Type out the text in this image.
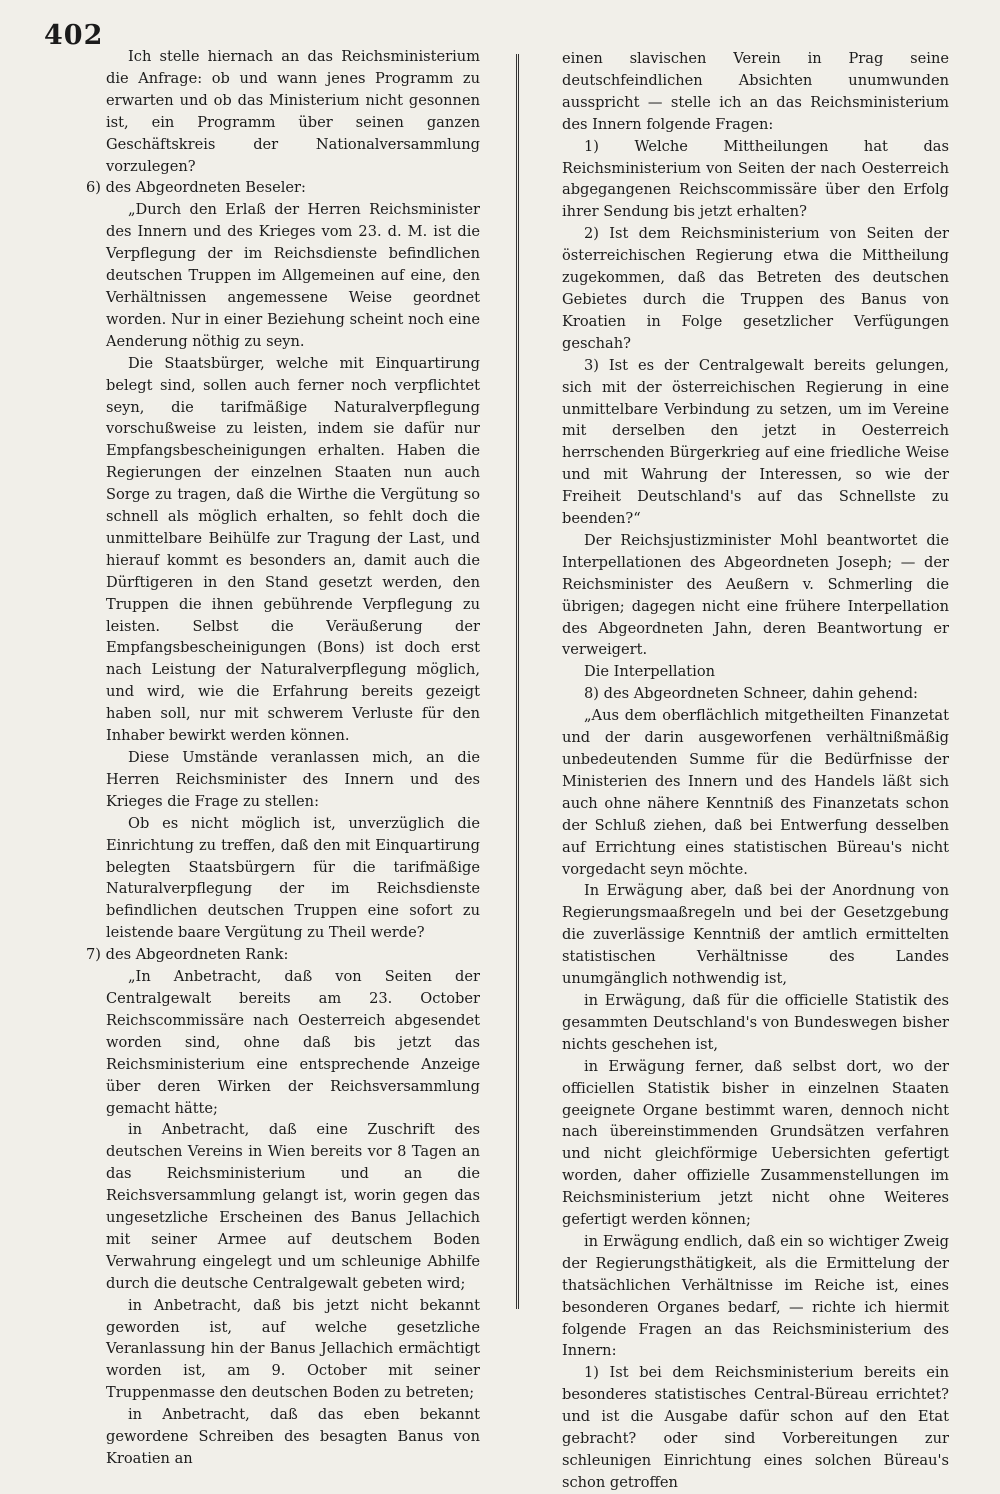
402

Ich stelle hiernach an das Reichsministerium die Anfrage: ob und wann jenes Programm zu erwarten und ob das Ministerium nicht gesonnen ist, ein Programm über seinen ganzen Geschäftskreis der Nationalversammlung vorzulegen?

6) des Abgeordneten Beseler:

„Durch den Erlaß der Herren Reichsminister des Innern und des Krieges vom 23. d. M. ist die Verpflegung der im Reichsdienste befindlichen deutschen Truppen im Allgemeinen auf eine, den Verhältnissen angemessene Weise geordnet worden. Nur in einer Beziehung scheint noch eine Aenderung nöthig zu seyn.

Die Staatsbürger, welche mit Einquartirung belegt sind, sollen auch ferner noch verpflichtet seyn, die tarifmäßige Naturalverpflegung vorschußweise zu leisten, indem sie dafür nur Empfangsbescheinigungen erhalten. Haben die Regierungen der einzelnen Staaten nun auch Sorge zu tragen, daß die Wirthe die Vergütung so schnell als möglich erhalten, so fehlt doch die unmittelbare Beihülfe zur Tragung der Last, und hierauf kommt es besonders an, damit auch die Dürftigeren in den Stand gesetzt werden, den Truppen die ihnen gebührende Verpflegung zu leisten. Selbst die Veräußerung der Empfangsbescheinigungen (Bons) ist doch erst nach Leistung der Naturalverpflegung möglich, und wird, wie die Erfahrung bereits gezeigt haben soll, nur mit schwerem Verluste für den Inhaber bewirkt werden können.

Diese Umstände veranlassen mich, an die Herren Reichsminister des Innern und des Krieges die Frage zu stellen:

Ob es nicht möglich ist, unverzüglich die Einrichtung zu treffen, daß den mit Einquartirung belegten Staatsbürgern für die tarifmäßige Naturalverpflegung der im Reichsdienste befindlichen deutschen Truppen eine sofort zu leistende baare Vergütung zu Theil werde?

7) des Abgeordneten Rank:

„In Anbetracht, daß von Seiten der Centralgewalt bereits am 23. October Reichscommissäre nach Oesterreich abgesendet worden sind, ohne daß bis jetzt das Reichsministerium eine entsprechende Anzeige über deren Wirken der Reichsversammlung gemacht hätte;

in Anbetracht, daß eine Zuschrift des deutschen Vereins in Wien bereits vor 8 Tagen an das Reichsministerium und an die Reichsversammlung gelangt ist, worin gegen das ungesetzliche Erscheinen des Banus Jellachich mit seiner Armee auf deutschem Boden Verwahrung eingelegt und um schleunige Abhilfe durch die deutsche Centralgewalt gebeten wird;

in Anbetracht, daß bis jetzt nicht bekannt geworden ist, auf welche gesetzliche Veranlassung hin der Banus Jellachich ermächtigt worden ist, am 9. October mit seiner Truppenmasse den deutschen Boden zu betreten;

in Anbetracht, daß das eben bekannt gewordene Schreiben des besagten Banus von Kroatien an

einen slavischen Verein in Prag seine deutschfeindlichen Absichten unumwunden ausspricht — stelle ich an das Reichsministerium des Innern folgende Fragen:

1) Welche Mittheilungen hat das Reichsministerium von Seiten der nach Oesterreich abgegangenen Reichscommissäre über den Erfolg ihrer Sendung bis jetzt erhalten?

2) Ist dem Reichsministerium von Seiten der österreichischen Regierung etwa die Mittheilung zugekommen, daß das Betreten des deutschen Gebietes durch die Truppen des Banus von Kroatien in Folge gesetzlicher Verfügungen geschah?

3) Ist es der Centralgewalt bereits gelungen, sich mit der österreichischen Regierung in eine unmittelbare Verbindung zu setzen, um im Vereine mit derselben den jetzt in Oesterreich herrschenden Bürgerkrieg auf eine friedliche Weise und mit Wahrung der Interessen, so wie der Freiheit Deutschland's auf das Schnellste zu beenden?“

Der Reichsjustizminister Mohl beantwortet die Interpellationen des Abgeordneten Joseph; — der Reichsminister des Aeußern v. Schmerling die übrigen; dagegen nicht eine frühere Interpellation des Abgeordneten Jahn, deren Beantwortung er verweigert.

Die Interpellation

8) des Abgeordneten Schneer, dahin gehend:

„Aus dem oberflächlich mitgetheilten Finanzetat und der darin ausgeworfenen verhältnißmäßig unbedeutenden Summe für die Bedürfnisse der Ministerien des Innern und des Handels läßt sich auch ohne nähere Kenntniß des Finanzetats schon der Schluß ziehen, daß bei Entwerfung desselben auf Errichtung eines statistischen Büreau's nicht vorgedacht seyn möchte.

In Erwägung aber, daß bei der Anordnung von Regierungsmaaßregeln und bei der Gesetzgebung die zuverlässige Kenntniß der amtlich ermittelten statistischen Verhältnisse des Landes unumgänglich nothwendig ist,

in Erwägung, daß für die officielle Statistik des gesammten Deutschland's von Bundeswegen bisher nichts geschehen ist,

in Erwägung ferner, daß selbst dort, wo der officiellen Statistik bisher in einzelnen Staaten geeignete Organe bestimmt waren, dennoch nicht nach übereinstimmenden Grundsätzen verfahren und nicht gleichförmige Uebersichten gefertigt worden, daher offizielle Zusammenstellungen im Reichsministerium jetzt nicht ohne Weiteres gefertigt werden können;

in Erwägung endlich, daß ein so wichtiger Zweig der Regierungsthätigkeit, als die Ermittelung der thatsächlichen Verhältnisse im Reiche ist, eines besonderen Organes bedarf, — richte ich hiermit folgende Fragen an das Reichsministerium des Innern:

1) Ist bei dem Reichsministerium bereits ein besonderes statistisches Central-Büreau errichtet? und ist die Ausgabe dafür schon auf den Etat gebracht? oder sind Vorbereitungen zur schleunigen Einrichtung eines solchen Büreau's schon getroffen
